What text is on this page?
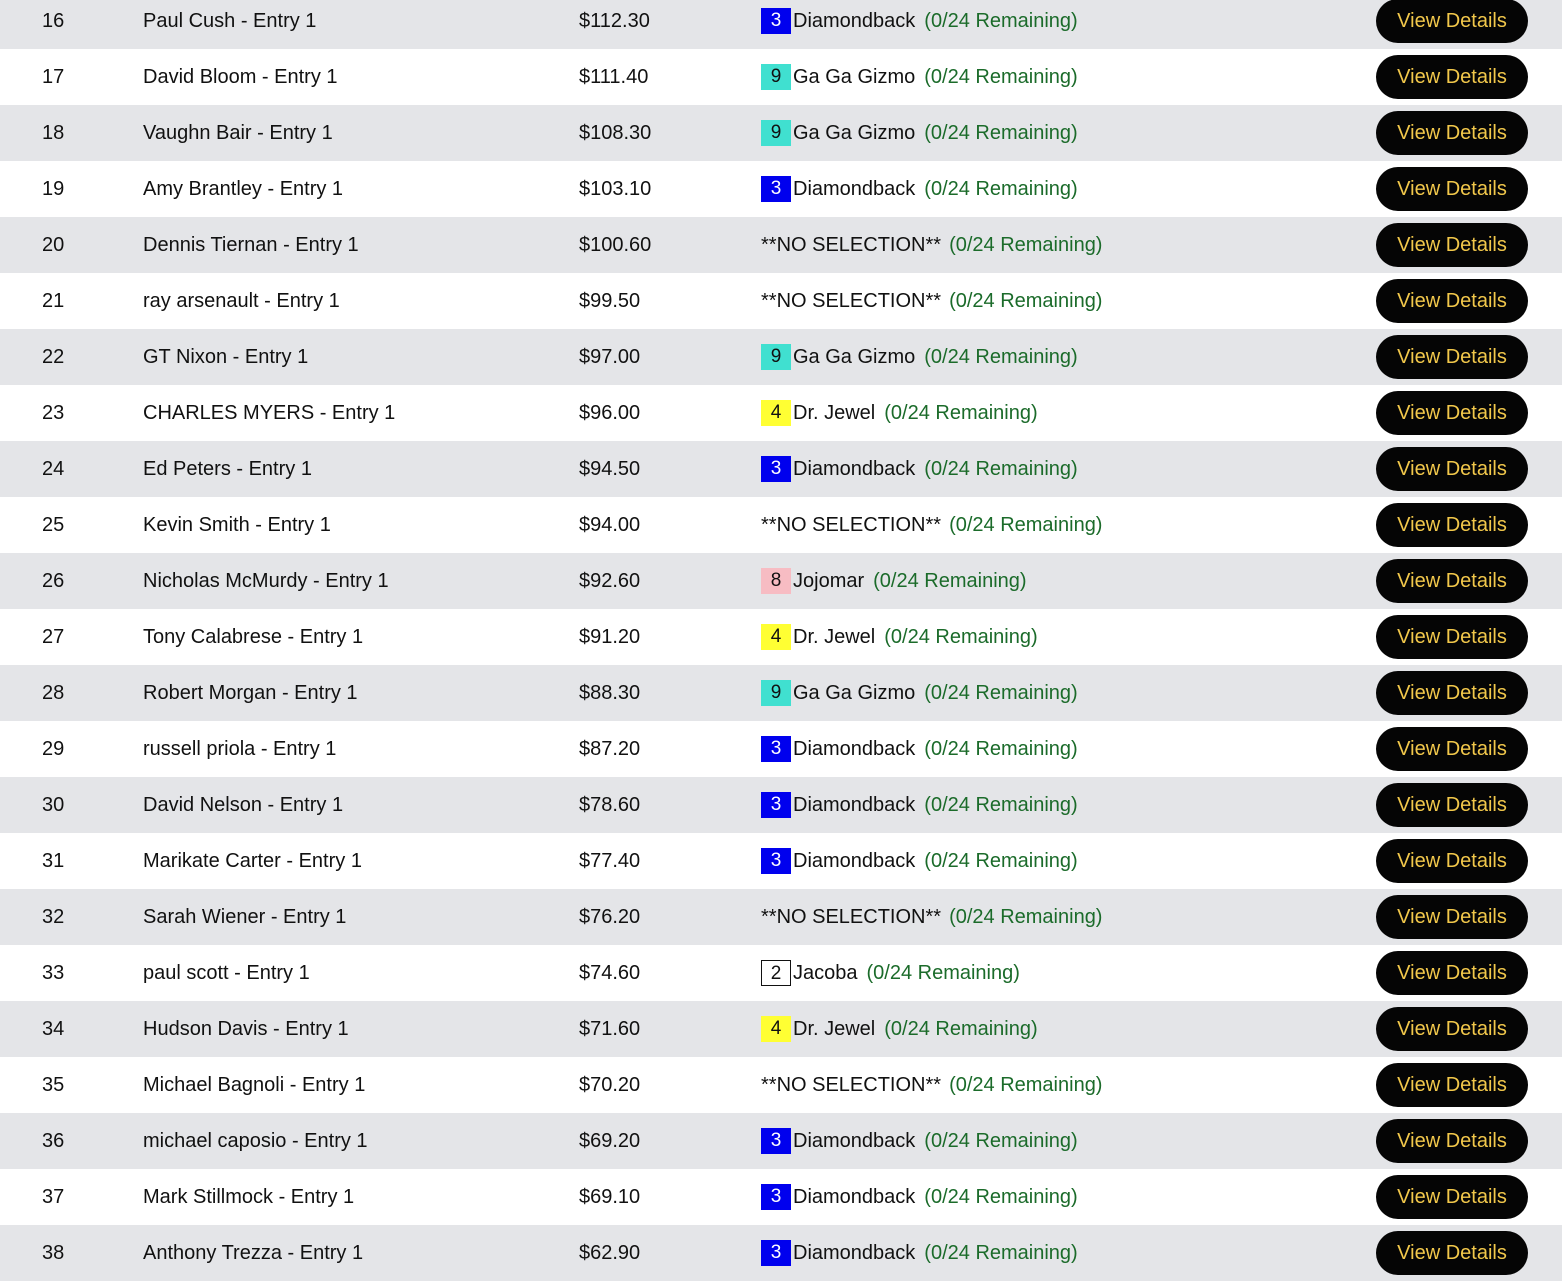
16	Paul Cush - Entry 1	$112.30	3 Diamondback (0/24 Remaining)	View Details
17	David Bloom - Entry 1	$111.40	9 Ga Ga Gizmo (0/24 Remaining)	View Details
18	Vaughn Bair - Entry 1	$108.30	9 Ga Ga Gizmo (0/24 Remaining)	View Details
19	Amy Brantley - Entry 1	$103.10	3 Diamondback (0/24 Remaining)	View Details
20	Dennis Tiernan - Entry 1	$100.60	**NO SELECTION** (0/24 Remaining)	View Details
21	ray arsenault - Entry 1	$99.50	**NO SELECTION** (0/24 Remaining)	View Details
22	GT Nixon - Entry 1	$97.00	9 Ga Ga Gizmo (0/24 Remaining)	View Details
23	CHARLES MYERS - Entry 1	$96.00	4 Dr. Jewel (0/24 Remaining)	View Details
24	Ed Peters - Entry 1	$94.50	3 Diamondback (0/24 Remaining)	View Details
25	Kevin Smith - Entry 1	$94.00	**NO SELECTION** (0/24 Remaining)	View Details
26	Nicholas McMurdy - Entry 1	$92.60	8 Jojomar (0/24 Remaining)	View Details
27	Tony Calabrese - Entry 1	$91.20	4 Dr. Jewel (0/24 Remaining)	View Details
28	Robert Morgan - Entry 1	$88.30	9 Ga Ga Gizmo (0/24 Remaining)	View Details
29	russell priola - Entry 1	$87.20	3 Diamondback (0/24 Remaining)	View Details
30	David Nelson - Entry 1	$78.60	3 Diamondback (0/24 Remaining)	View Details
31	Marikate Carter - Entry 1	$77.40	3 Diamondback (0/24 Remaining)	View Details
32	Sarah Wiener - Entry 1	$76.20	**NO SELECTION** (0/24 Remaining)	View Details
33	paul scott - Entry 1	$74.60	2 Jacoba (0/24 Remaining)	View Details
34	Hudson Davis - Entry 1	$71.60	4 Dr. Jewel (0/24 Remaining)	View Details
35	Michael Bagnoli - Entry 1	$70.20	**NO SELECTION** (0/24 Remaining)	View Details
36	michael caposio - Entry 1	$69.20	3 Diamondback (0/24 Remaining)	View Details
37	Mark Stillmock - Entry 1	$69.10	3 Diamondback (0/24 Remaining)	View Details
38	Anthony Trezza - Entry 1	$62.90	3 Diamondback (0/24 Remaining)	View Details
